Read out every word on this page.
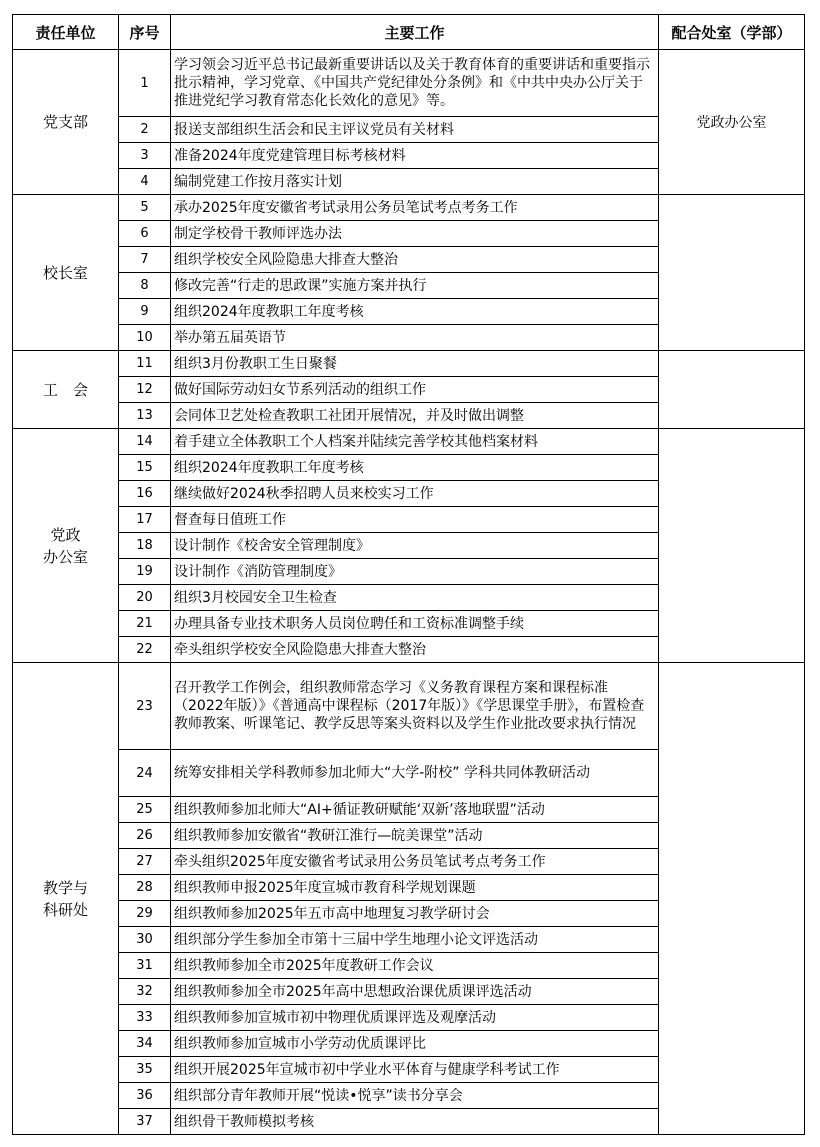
责任单位	序号	主要工作	配合处室（学部）

党支部	1	学习领会习近平总书记最新重要讲话以及关于教育体育的重要讲话和重要指示批示精神，学习党章、《中国共产党纪律处分条例》和《中共中央办公厅关于推进党纪学习教育常态化长效化的意见》等。	党政办公室
	2	报送支部组织生活会和民主评议党员有关材料	
	3	准备2024年度党建管理目标考核材料	
	4	编制党建工作按月落实计划	

校长室	5	承办2025年度安徽省考试录用公务员笔试考点考务工作	
	6	制定学校骨干教师评选办法	
	7	组织学校安全风险隐患大排查大整治	
	8	修改完善“行走的思政课”实施方案并执行	
	9	组织2024年度教职工年度考核	
	10	举办第五届英语节	

工　会	11	组织3月份教职工生日聚餐	
	12	做好国际劳动妇女节系列活动的组织工作	
	13	会同体卫艺处检查教职工社团开展情况，并及时做出调整	

党政
办公室	14	着手建立全体教职工个人档案并陆续完善学校其他档案材料	
	15	组织2024年度教职工年度考核	
	16	继续做好2024秋季招聘人员来校实习工作	
	17	督查每日值班工作	
	18	设计制作《校舍安全管理制度》	
	19	设计制作《消防管理制度》	
	20	组织3月校园安全卫生检查	
	21	办理具备专业技术职务人员岗位聘任和工资标准调整手续	
	22	牵头组织学校安全风险隐患大排查大整治	

教学与
科研处	23	召开教学工作例会，组织教师常态学习《义务教育课程方案和课程标准（2022年版）》《普通高中课程标（2017年版）》《学思课堂手册》，布置检查教师教案、听课笔记、教学反思等案头资料以及学生作业批改要求执行情况	
	24	统筹安排相关学科教师参加北师大“大学-附校” 学科共同体教研活动	
	25	组织教师参加北师大“AI+循证教研赋能‘双新’落地联盟”活动	
	26	组织教师参加安徽省“教研江淮行—皖美课堂”活动	
	27	牵头组织2025年度安徽省考试录用公务员笔试考点考务工作	
	28	组织教师申报2025年度宣城市教育科学规划课题	
	29	组织教师参加2025年五市高中地理复习教学研讨会	
	30	组织部分学生参加全市第十三届中学生地理小论文评选活动	
	31	组织教师参加全市2025年度教研工作会议	
	32	组织教师参加全市2025年高中思想政治课优质课评选活动	
	33	组织教师参加宣城市初中物理优质课评选及观摩活动	
	34	组织教师参加宣城市小学劳动优质课评比	
	35	组织开展2025年宣城市初中学业水平体育与健康学科考试工作	
	36	组织部分青年教师开展“悦读•悦享”读书分享会	
	37	组织骨干教师模拟考核	
